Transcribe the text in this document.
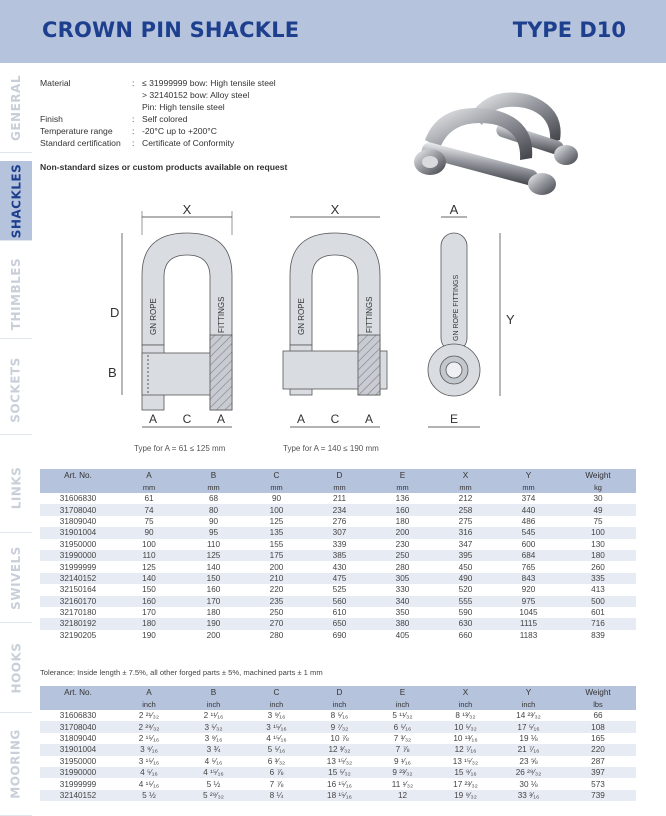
CROWN PIN SHACKLE	TYPE D10
GENERAL
SHACKLES
THIMBLES
SOCKETS
LINKS
SWIVELS
HOOKS
MOORING
Material	: ≤ 31999999 bow: High tensile steel
> 32140152 bow: Alloy steel
Pin: High tensile steel
Finish	: Self colored
Temperature range	: -20°C up to +200°C
Standard certification	: Certificate of Conformity
Non-standard sizes or custom products available on request
X
D
B
A C A
GN ROPE	FITTINGS
X
A C A
GN ROPE	FITTINGS
A
Y
E
GN ROPE FITTINGS
Type for A = 61 ≤ 125 mm	Type for A = 140 ≤ 190 mm
Art. No.	A	B	C	D	E	X	Y	Weight
	mm	mm	mm	mm	mm	mm	mm	kg
31606830	61	68	90	211	136	212	374	30
31708040	74	80	100	234	160	258	440	49
31809040	75	90	125	276	180	275	486	75
31901004	90	95	135	307	200	316	545	100
31950000	100	110	155	339	230	347	600	130
31990000	110	125	175	385	250	395	684	180
31999999	125	140	200	430	280	450	765	260
32140152	140	150	210	475	305	490	843	335
32150164	150	160	220	525	330	520	920	413
32160170	160	170	235	560	340	555	975	500
32170180	170	180	250	610	350	590	1045	601
32180192	180	190	270	650	380	630	1115	716
32190205	190	200	280	690	405	660	1183	839
Tolerance: Inside length ± 7.5%, all other forged parts ± 5%, machined parts ± 1 mm
Art. No.	A	B	C	D	E	X	Y	Weight
	inch	inch	inch	inch	inch	inch	inch	lbs
31606830	2 ²¹⁄₃₂	2 ¹¹⁄₁₆	3 ⁹⁄₁₆	8 ⁵⁄₁₆	5 ¹¹⁄₃₂	8 ¹³⁄₃₂	14 ²³⁄₃₂	66
31708040	2 ²⁹⁄₃₂	3 ⁵⁄₃₂	3 ¹⁵⁄₁₆	9 ⁷⁄₃₂	6 ⁵⁄₁₆	10 ⁵⁄₃₂	17 ⁵⁄₁₆	108
31809040	2 ¹⁵⁄₁₆	3 ⁹⁄₁₆	4 ¹⁵⁄₁₆	10 ⅞	7 ³⁄₃₂	10 ¹³⁄₁₆	19 ⅛	165
31901004	3 ⁹⁄₁₆	3 ¾	5 ⁵⁄₁₆	12 ³⁄₃₂	7 ⅞	12 ⁷⁄₁₆	21 ⁷⁄₁₆	220
31950000	3 ¹⁵⁄₁₆	4 ⁵⁄₁₆	6 ³⁄₃₂	13 ¹⁵⁄₃₂	9 ¹⁄₁₆	13 ¹⁵⁄₃₂	23 ⅝	287
31990000	4 ⁵⁄₁₆	4 ¹⁵⁄₁₆	6 ⅞	15 ⁵⁄₃₂	9 ²³⁄₃₂	15 ⁹⁄₁₆	26 ²⁹⁄₃₂	397
31999999	4 ¹⁵⁄₁₆	5 ½	7 ⅞	16 ¹⁵⁄₁₆	11 ¹⁄₃₂	17 ²³⁄₃₂	30 ⅛	573
32140152	5 ½	5 ²⁹⁄₃₂	8 ¼	18 ¹⁵⁄₁₆	12	19 ⁹⁄₃₂	33 ³⁄₁₆	739
